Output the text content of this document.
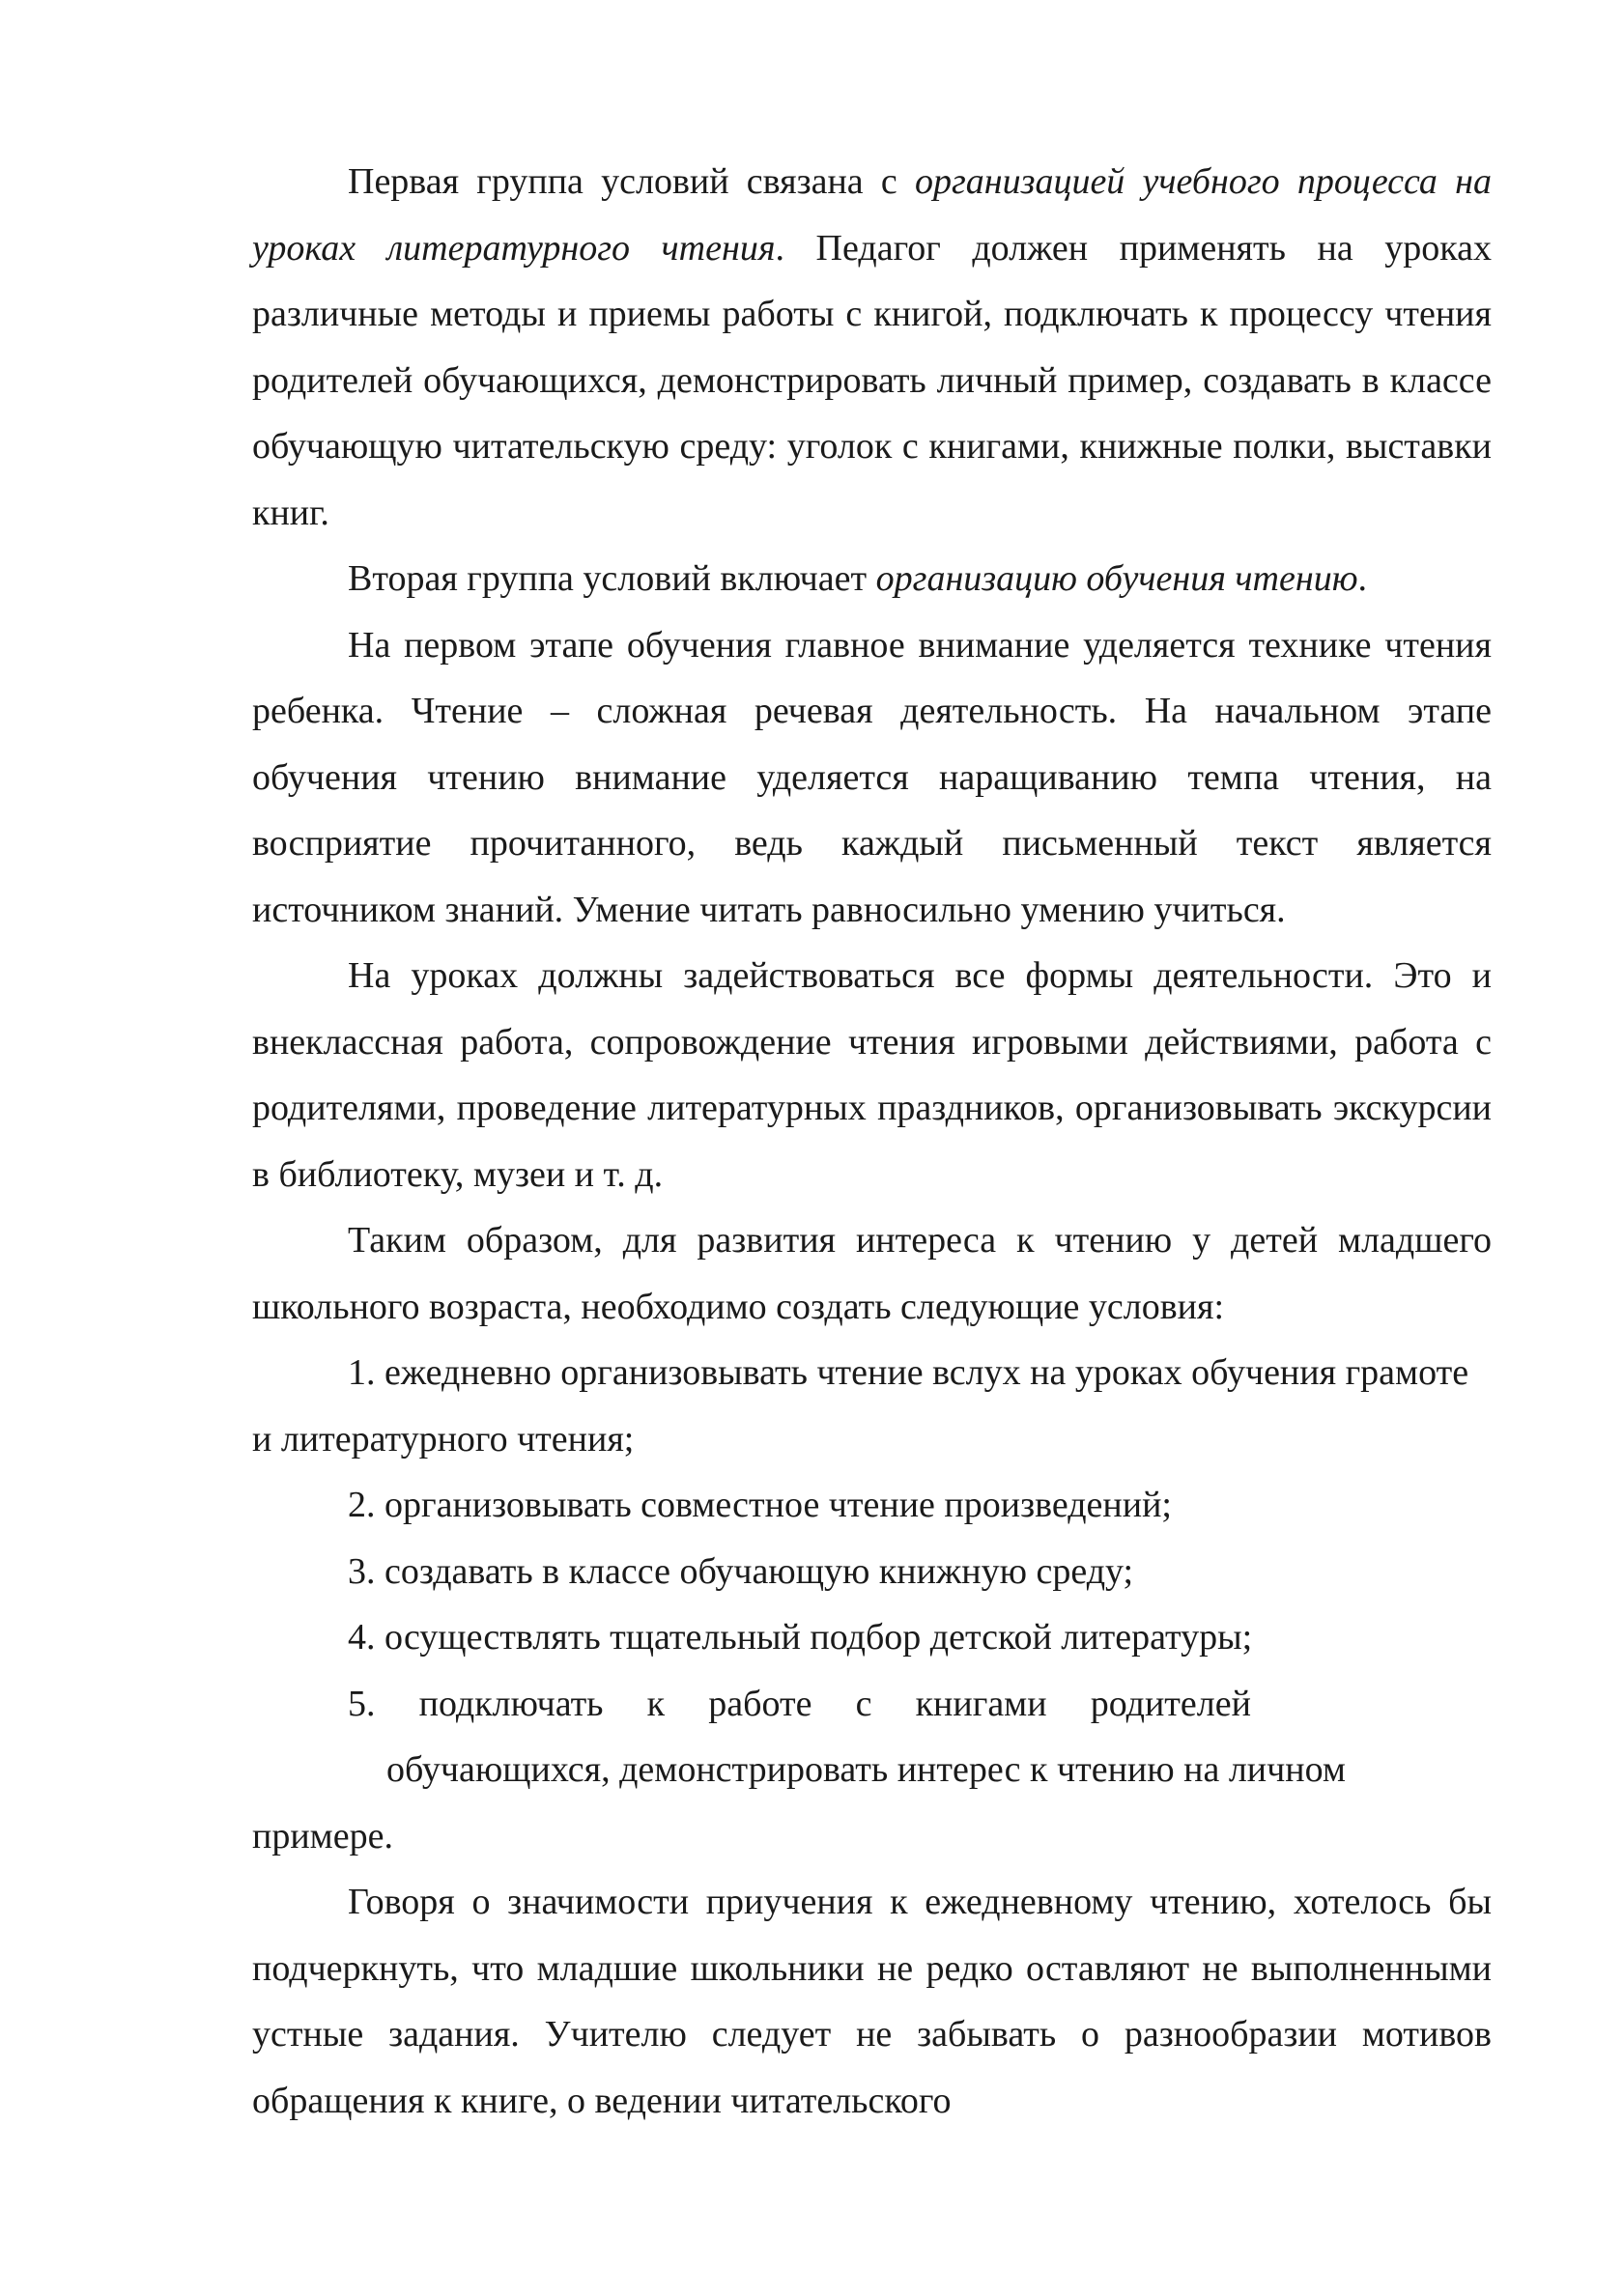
Первая группа условий связана с организацией учебного процесса на уроках литературного чтения. Педагог должен применять на уроках различные методы и приемы работы с книгой, подключать к процессу чтения родителей обучающихся, демонстрировать личный пример, создавать в классе обучающую читательскую среду: уголок с книгами, книжные полки, выставки книг.

Вторая группа условий включает организацию обучения чтению.

На первом этапе обучения главное внимание уделяется технике чтения ребенка. Чтение – сложная речевая деятельность. На начальном этапе обучения чтению внимание уделяется наращиванию темпа чтения, на восприятие прочитанного, ведь каждый письменный текст является источником знаний. Умение читать равносильно умению учиться.

На уроках должны задействоваться все формы деятельности. Это и внеклассная работа, сопровождение чтения игровыми действиями, работа с родителями, проведение литературных праздников, организовывать экскурсии в библиотеку, музеи и т. д.

Таким образом, для развития интереса к чтению у детей младшего школьного возраста, необходимо создать следующие условия:

1. ежедневно организовывать чтение вслух на уроках обучения грамоте и литературного чтения;

2. организовывать совместное чтение произведений;

3. создавать в классе обучающую книжную среду;

4. осуществлять тщательный подбор детской литературы;

5. подключать к работе с книгами родителей
обучающихся, демонстрировать интерес к чтению на личном
примере.

Говоря о значимости приучения к ежедневному чтению, хотелось бы подчеркнуть, что младшие школьники не редко оставляют не выполненными устные задания. Учителю следует не забывать о разнообразии мотивов обращения к книге, о ведении читательского
